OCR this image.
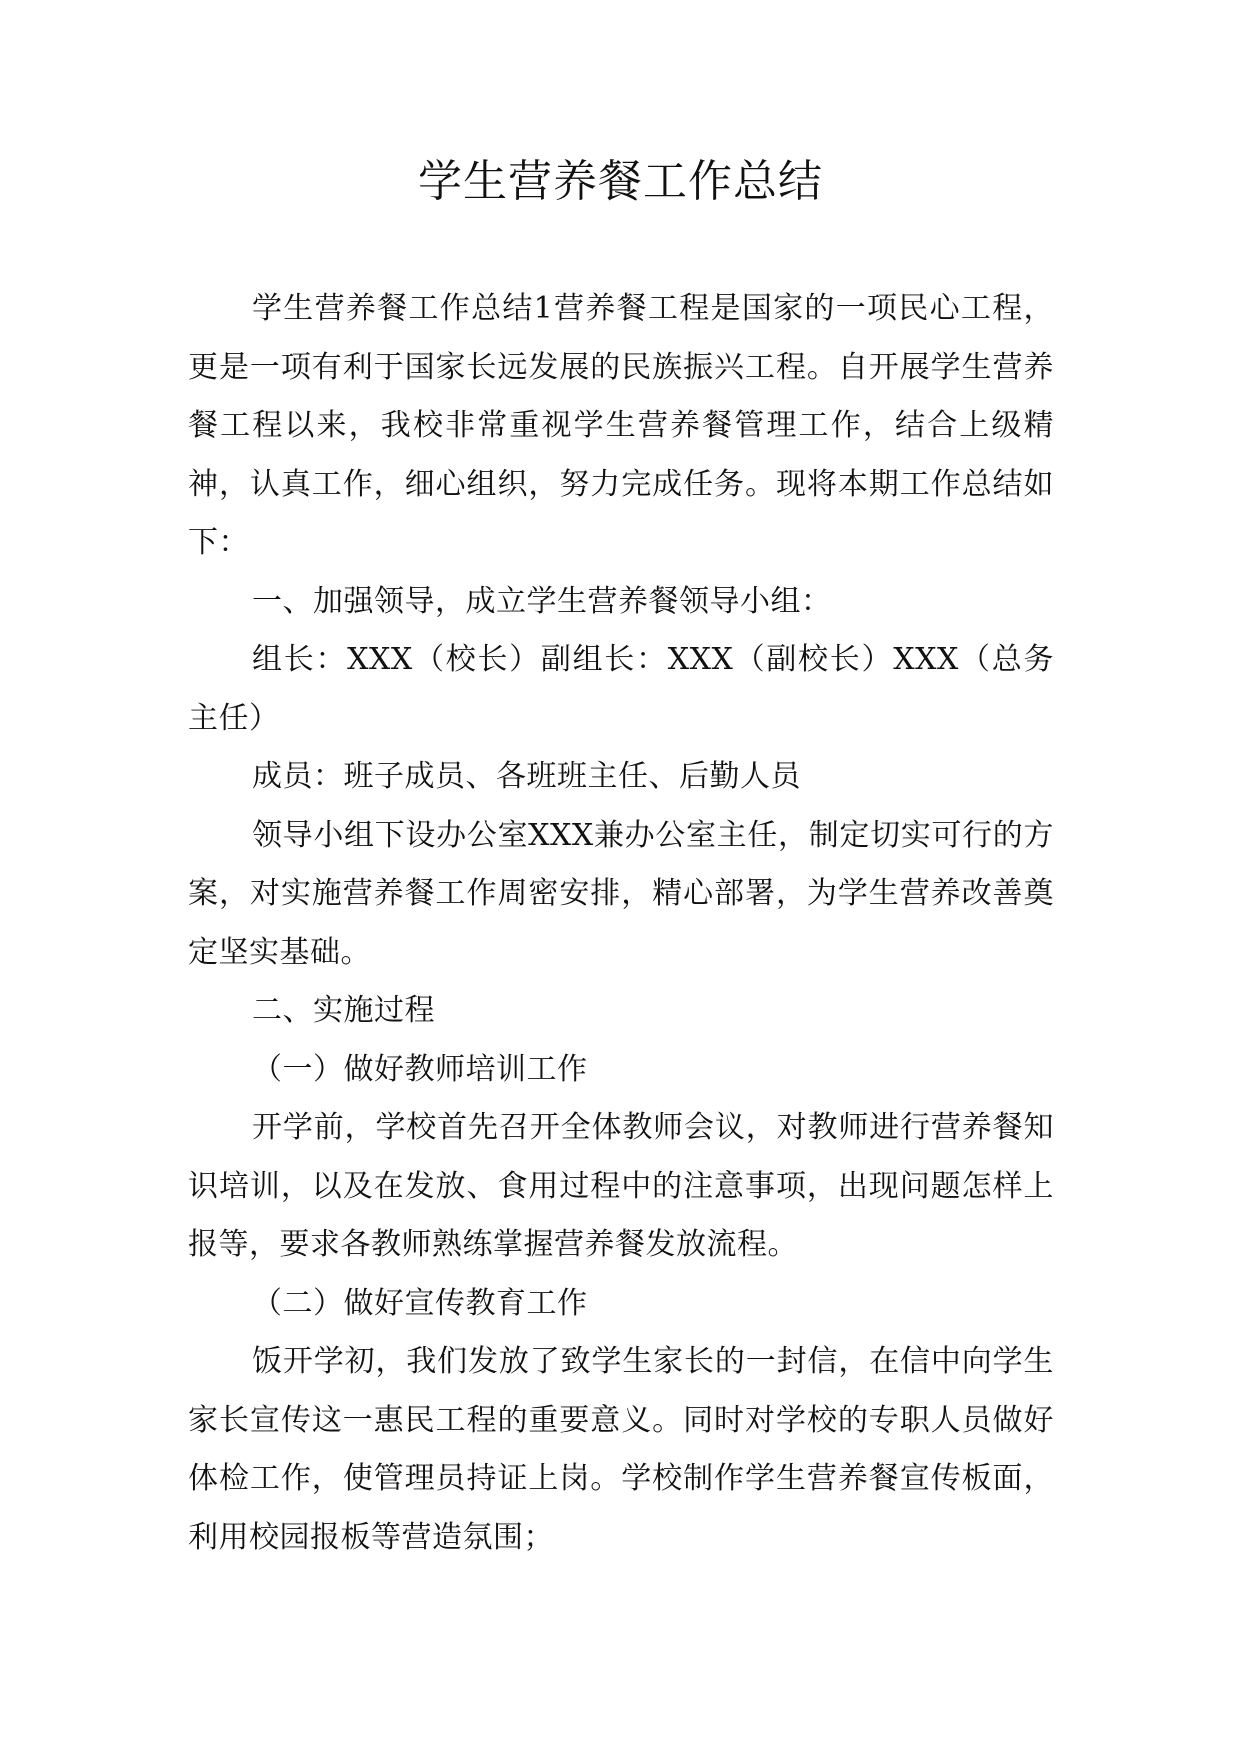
学生营养餐工作总结

学生营养餐工作总结1营养餐工程是国家的一项民心工程，更是一项有利于国家长远发展的民族振兴工程。自开展学生营养餐工程以来，我校非常重视学生营养餐管理工作，结合上级精神，认真工作，细心组织，努力完成任务。现将本期工作总结如下：

一、加强领导，成立学生营养餐领导小组：

组长：XXX（校长）副组长：XXX（副校长）XXX（总务主任）

成员：班子成员、各班班主任、后勤人员

领导小组下设办公室XXX兼办公室主任，制定切实可行的方案，对实施营养餐工作周密安排，精心部署，为学生营养改善奠定坚实基础。

二、实施过程

（一）做好教师培训工作

开学前，学校首先召开全体教师会议，对教师进行营养餐知识培训，以及在发放、食用过程中的注意事项，出现问题怎样上报等，要求各教师熟练掌握营养餐发放流程。

（二）做好宣传教育工作

饭开学初，我们发放了致学生家长的一封信，在信中向学生家长宣传这一惠民工程的重要意义。同时对学校的专职人员做好体检工作，使管理员持证上岗。学校制作学生营养餐宣传板面，利用校园报板等营造氛围；
